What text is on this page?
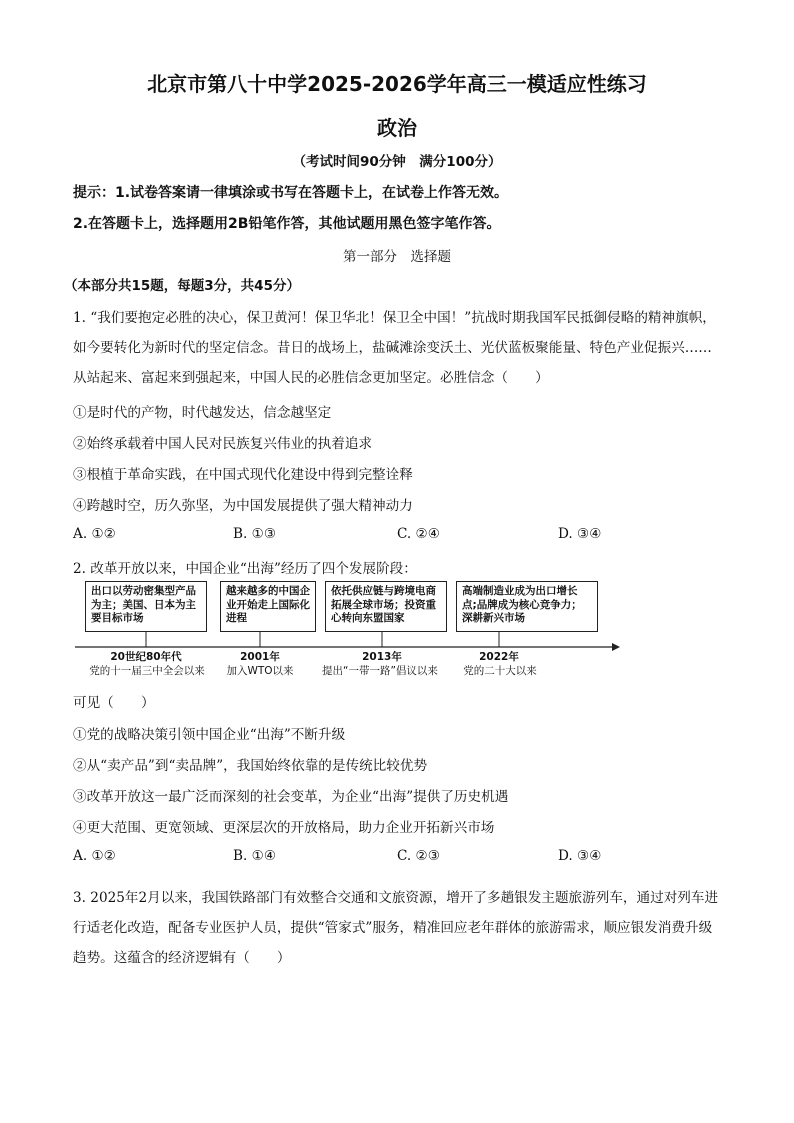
北京市第八十中学2025-2026学年高三一模适应性练习
政治
（考试时间90分钟　满分100分）
提示：1.试卷答案请一律填涂或书写在答题卡上，在试卷上作答无效。
2.在答题卡上，选择题用2B铅笔作答，其他试题用黑色签字笔作答。
第一部分　选择题
（本部分共15题，每题3分，共45分）
1. “我们要抱定必胜的决心，保卫黄河！保卫华北！保卫全中国！”抗战时期我国军民抵御侵略的精神旗帜，如今要转化为新时代的坚定信念。昔日的战场上，盐碱滩涂变沃土、光伏蓝板聚能量、特色产业促振兴……从站起来、富起来到强起来，中国人民的必胜信念更加坚定。必胜信念（　　）
①是时代的产物，时代越发达，信念越坚定
②始终承载着中国人民对民族复兴伟业的执着追求
③根植于革命实践，在中国式现代化建设中得到完整诠释
④跨越时空，历久弥坚，为中国发展提供了强大精神动力
A. ①②	B. ①③	C. ②④	D. ③④
2. 改革开放以来，中国企业“出海”经历了四个发展阶段：
出口以劳动密集型产品为主；美国、日本为主要目标市场
越来越多的中国企业开始走上国际化进程
依托供应链与跨境电商拓展全球市场；投资重心转向东盟国家
高端制造业成为出口增长点;品牌成为核心竞争力；深耕新兴市场
20世纪80年代	2001年	2013年	2022年
党的十一届三中全会以来	加入WTO以来	提出“一带一路”倡议以来	党的二十大以来
可见（　　）
①党的战略决策引领中国企业“出海”不断升级
②从“卖产品”到“卖品牌”，我国始终依靠的是传统比较优势
③改革开放这一最广泛而深刻的社会变革，为企业“出海”提供了历史机遇
④更大范围、更宽领域、更深层次的开放格局，助力企业开拓新兴市场
A. ①②	B. ①④	C. ②③	D. ③④
3. 2025年2月以来，我国铁路部门有效整合交通和文旅资源，增开了多趟银发主题旅游列车，通过对列车进行适老化改造，配备专业医护人员，提供“管家式”服务，精准回应老年群体的旅游需求，顺应银发消费升级趋势。这蕴含的经济逻辑有（　　）
